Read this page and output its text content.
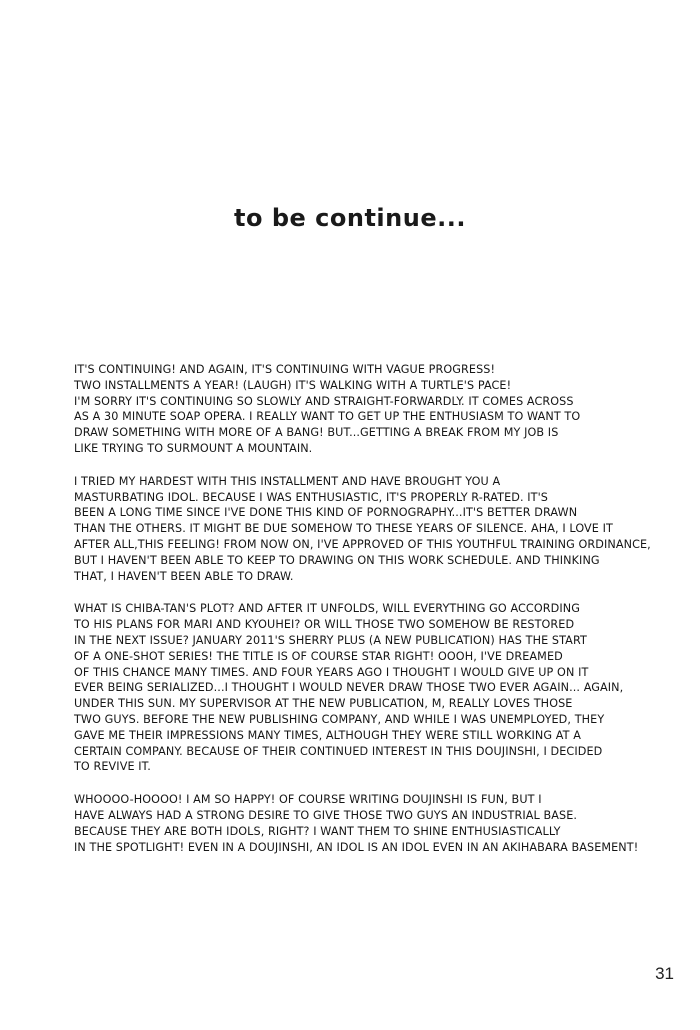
to be continue...
IT'S CONTINUING! AND AGAIN, IT'S CONTINUING WITH VAGUE PROGRESS!
TWO INSTALLMENTS A YEAR! (LAUGH) IT'S WALKING WITH A TURTLE'S PACE!
I'M SORRY IT'S CONTINUING SO SLOWLY AND STRAIGHT-FORWARDLY. IT COMES ACROSS
AS A 30 MINUTE SOAP OPERA. I REALLY WANT TO GET UP THE ENTHUSIASM TO WANT TO
DRAW SOMETHING WITH MORE OF A BANG! BUT...GETTING A BREAK FROM MY JOB IS
LIKE TRYING TO SURMOUNT A MOUNTAIN.
I TRIED MY HARDEST WITH THIS INSTALLMENT AND HAVE BROUGHT YOU A
MASTURBATING IDOL. BECAUSE I WAS ENTHUSIASTIC, IT'S PROPERLY R-RATED. IT'S
BEEN A LONG TIME SINCE I'VE DONE THIS KIND OF PORNOGRAPHY...IT'S BETTER DRAWN
THAN THE OTHERS. IT MIGHT BE DUE SOMEHOW TO THESE YEARS OF SILENCE. AHA, I LOVE IT
AFTER ALL,THIS FEELING! FROM NOW ON, I'VE APPROVED OF THIS YOUTHFUL TRAINING ORDINANCE,
BUT I HAVEN'T BEEN ABLE TO KEEP TO DRAWING ON THIS WORK SCHEDULE. AND THINKING
THAT, I HAVEN'T BEEN ABLE TO DRAW.
WHAT IS CHIBA-TAN'S PLOT? AND AFTER IT UNFOLDS, WILL EVERYTHING GO ACCORDING
TO HIS PLANS FOR MARI AND KYOUHEI? OR WILL THOSE TWO SOMEHOW BE RESTORED
IN THE NEXT ISSUE? JANUARY 2011'S SHERRY PLUS (A NEW PUBLICATION) HAS THE START
OF A ONE-SHOT SERIES! THE TITLE IS OF COURSE STAR RIGHT! OOOH, I'VE DREAMED
OF THIS CHANCE MANY TIMES. AND FOUR YEARS AGO I THOUGHT I WOULD GIVE UP ON IT
EVER BEING SERIALIZED...I THOUGHT I WOULD NEVER DRAW THOSE TWO EVER AGAIN... AGAIN,
UNDER THIS SUN. MY SUPERVISOR AT THE NEW PUBLICATION, M, REALLY LOVES THOSE
TWO GUYS. BEFORE THE NEW PUBLISHING COMPANY, AND WHILE I WAS UNEMPLOYED, THEY
GAVE ME THEIR IMPRESSIONS MANY TIMES, ALTHOUGH THEY WERE STILL WORKING AT A
CERTAIN COMPANY. BECAUSE OF THEIR CONTINUED INTEREST IN THIS DOUJINSHI, I DECIDED
TO REVIVE IT.
WHOOOO-HOOOO! I AM SO HAPPY! OF COURSE WRITING DOUJINSHI IS FUN, BUT I
HAVE ALWAYS HAD A STRONG DESIRE TO GIVE THOSE TWO GUYS AN INDUSTRIAL BASE.
BECAUSE THEY ARE BOTH IDOLS, RIGHT? I WANT THEM TO SHINE ENTHUSIASTICALLY
IN THE SPOTLIGHT! EVEN IN A DOUJINSHI, AN IDOL IS AN IDOL EVEN IN AN AKIHABARA BASEMENT!
31
